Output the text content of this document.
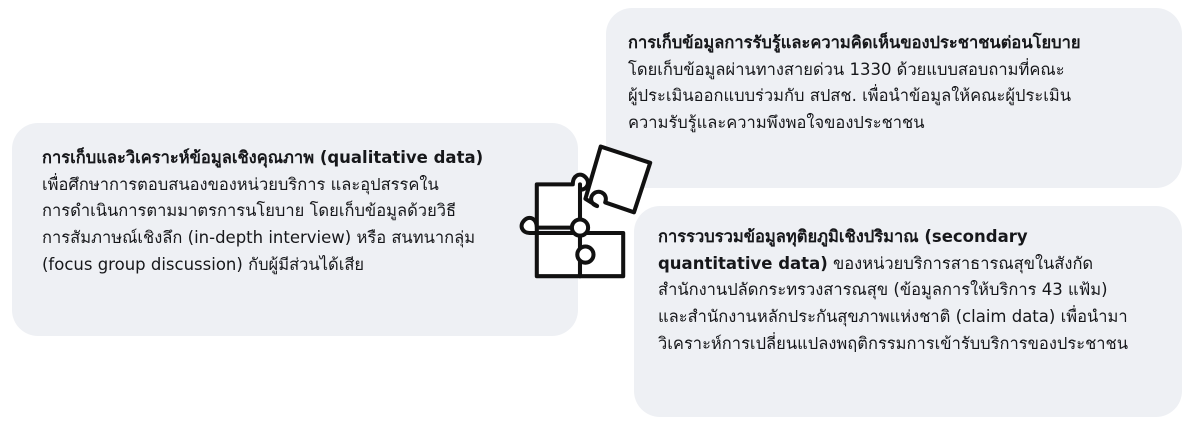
การเก็บข้อมูลการรับรู้และความคิดเห็นของประชาชนต่อนโยบาย

โดยเก็บข้อมูลผ่านทางสายด่วน 1330 ด้วยแบบสอบถามที่คณะ

ผู้ประเมินออกแบบร่วมกับ สปสช. เพื่อนำข้อมูลให้คณะผู้ประเมิน

ความรับรู้และความพึงพอใจของประชาชน

การเก็บและวิเคราะห์ข้อมูลเชิงคุณภาพ (qualitative data)

เพื่อศึกษาการตอบสนองของหน่วยบริการ และอุปสรรคใน

การดำเนินการตามมาตรการนโยบาย โดยเก็บข้อมูลด้วยวิธี

การสัมภาษณ์เชิงลึก (in-depth interview) หรือ สนทนากลุ่ม

(focus group discussion) กับผู้มีส่วนได้เสีย

การรวบรวมข้อมูลทุติยภูมิเชิงปริมาณ (secondary

quantitative data) ของหน่วยบริการสาธารณสุขในสังกัด

สำนักงานปลัดกระทรวงสารณสุข (ข้อมูลการให้บริการ 43 แฟ้ม)

และสำนักงานหลักประกันสุขภาพแห่งชาติ (claim data) เพื่อนำมา

วิเคราะห์การเปลี่ยนแปลงพฤติกรรมการเข้ารับบริการของประชาชน
